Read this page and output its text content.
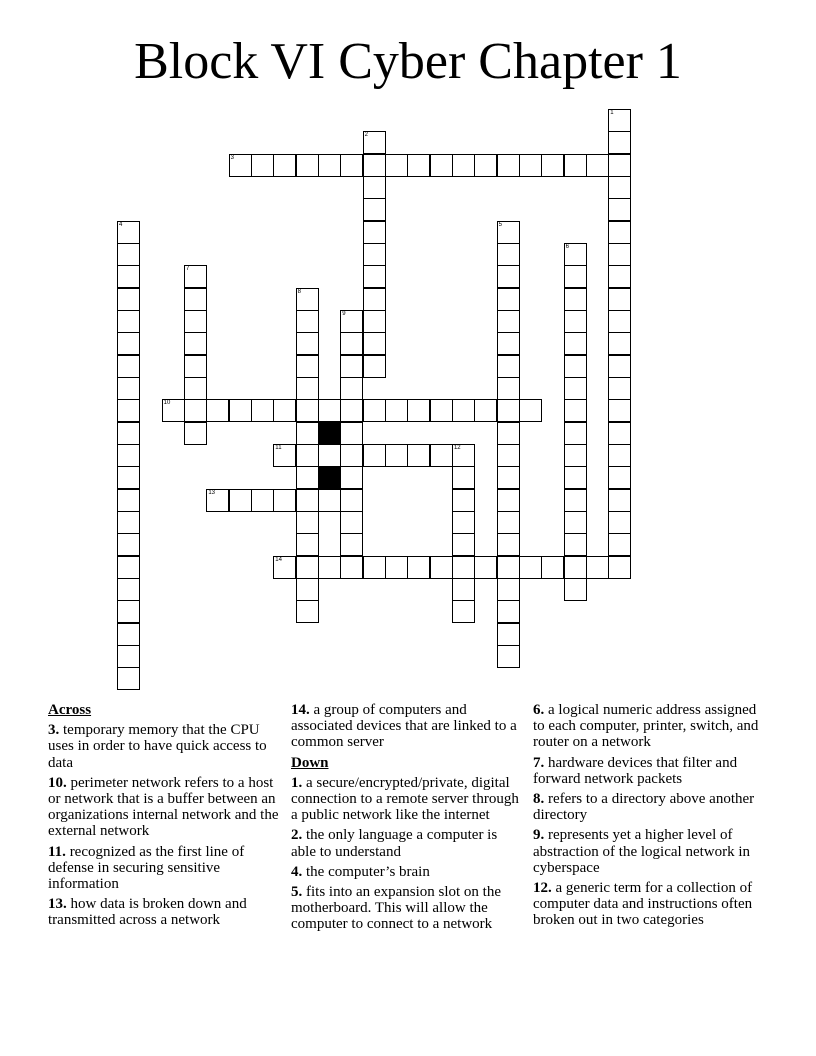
Block VI Cyber Chapter 1
1
2
3
4	5
6
7
8
9
10
11	12
13
14
Across
3. temporary memory that the CPU uses in order to have quick access to data
10. perimeter network refers to a host or network that is a buffer between an organizations internal network and the external network
11. recognized as the first line of defense in securing sensitive information
13. how data is broken down and transmitted across a network
14. a group of computers and associated devices that are linked to a common server
Down
1. a secure/encrypted/private, digital connection to a remote server through a public network like the internet
2. the only language a computer is able to understand
4. the computer’s brain
5. fits into an expansion slot on the motherboard. This will allow the computer to connect to a network
6. a logical numeric address assigned to each computer, printer, switch, and router on a network
7. hardware devices that filter and forward network packets
8. refers to a directory above another directory
9. represents yet a higher level of abstraction of the logical network in cyberspace
12. a generic term for a collection of computer data and instructions often broken out in two categories
